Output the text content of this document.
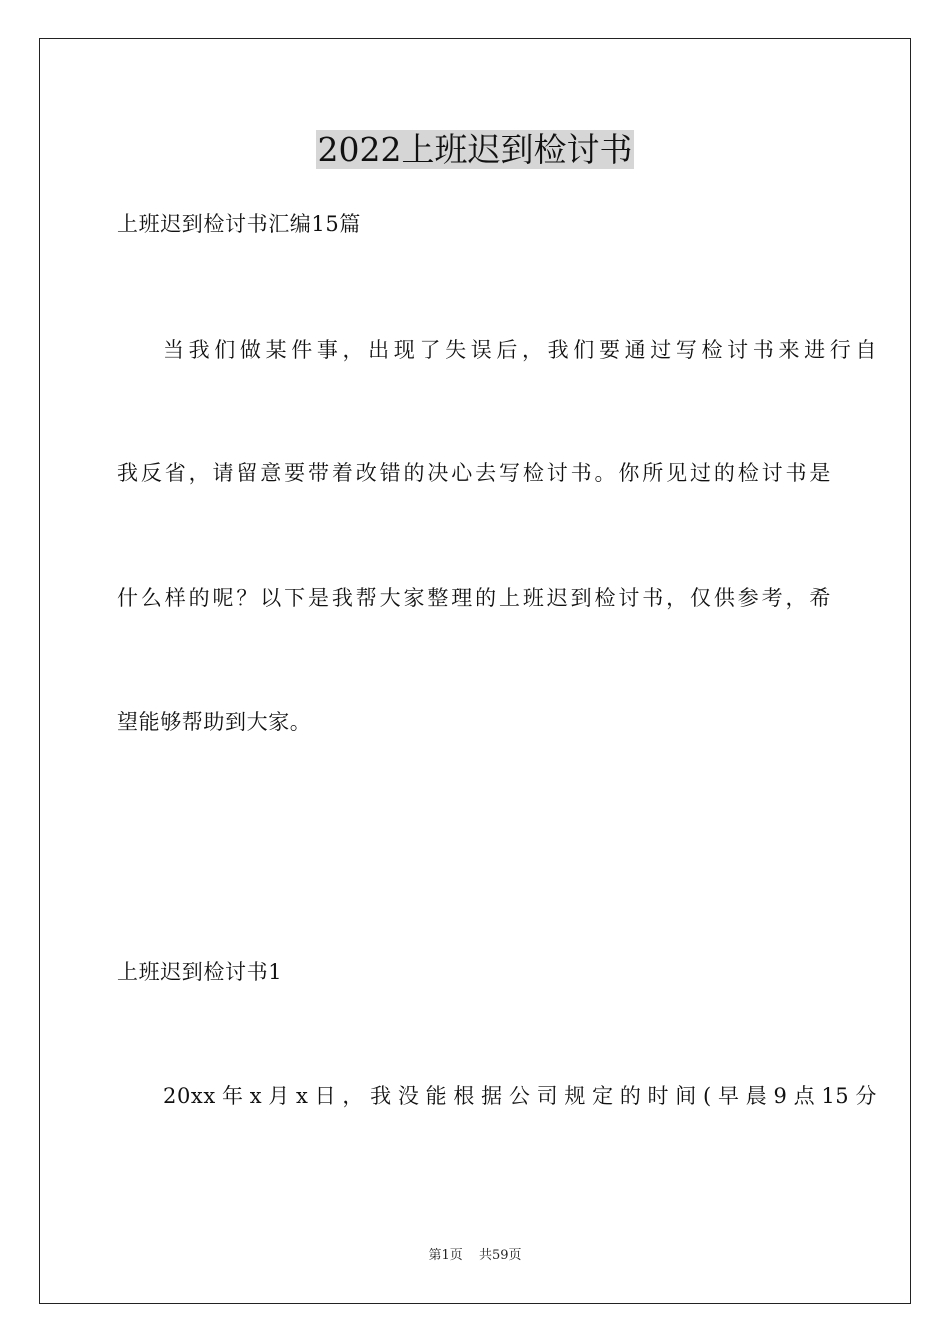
2022上班迟到检讨书

上班迟到检讨书汇编15篇

当我们做某件事，出现了失误后，我们要通过写检讨书来进行自

我反省，请留意要带着改错的决心去写检讨书。你所见过的检讨书是

什么样的呢？以下是我帮大家整理的上班迟到检讨书，仅供参考，希

望能够帮助到大家。

上班迟到检讨书1

20xx年x月x日，我没能根据公司规定的时间(早晨9点15分

第1页 共59页
